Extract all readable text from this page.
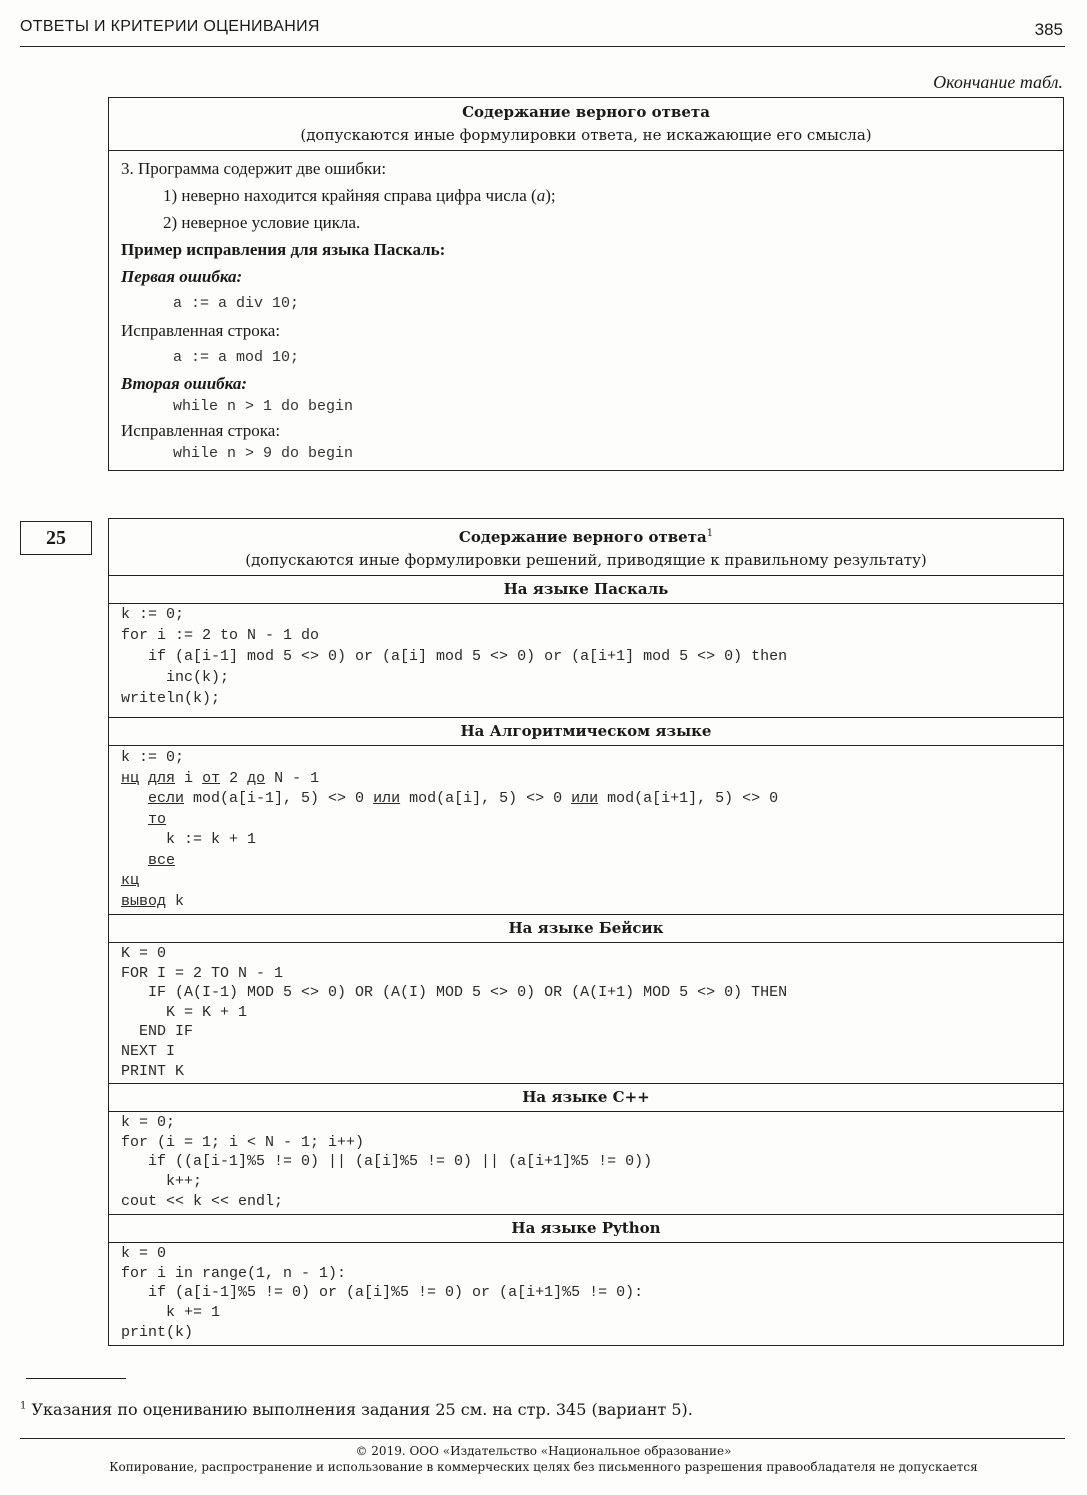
ОТВЕТЫ И КРИТЕРИИ ОЦЕНИВАНИЯ	385
Окончание табл.
Содержание верного ответа
(допускаются иные формулировки ответа, не искажающие его смысла)
3. Программа содержит две ошибки:
1) неверно находится крайняя справа цифра числа (a);
2) неверное условие цикла.
Пример исправления для языка Паскаль:
Первая ошибка:
a := a div 10;
Исправленная строка:
a := a mod 10;
Вторая ошибка:
while n > 1 do begin
Исправленная строка:
while n > 9 do begin
25	Содержание верного ответа$^1$
(допускаются иные формулировки решений, приводящие к правильному результату)
На языке Паскаль
k := 0;
for i := 2 to N - 1 do
if (a[i-1] mod 5 <> 0) or (a[i] mod 5 <> 0) or (a[i+1] mod 5 <> 0) then
inc(k);
writeln(k);
На Алгоритмическом языке
k := 0;
нц для i от 2 до N - 1
если mod(a[i-1], 5) <> 0 или mod(a[i], 5) <> 0 или mod(a[i+1], 5) <> 0
то
k := k + 1
все
кц
вывод k
На языке Бейсик
K = 0
FOR I = 2 TO N - 1
IF (A(I-1) MOD 5 <> 0) OR (A(I) MOD 5 <> 0) OR (A(I+1) MOD 5 <> 0) THEN
K = K + 1
END IF
NEXT I
PRINT K
На языке С++
k = 0;
for (i = 1; i < N - 1; i++)
if ((a[i-1]%5 != 0) || (a[i]%5 != 0) || (a[i+1]%5 != 0))
k++;
cout << k << endl;
На языке Python
k = 0
for i in range(1, n - 1):
if (a[i-1]%5 != 0) or (a[i]%5 != 0) or (a[i+1]%5 != 0):
k += 1
print(k)
$^1$ Указания по оцениванию выполнения задания 25 см. на стр. 345 (вариант 5).
© 2019. ООО «Издательство «Национальное образование»
Копирование, распространение и использование в коммерческих целях без письменного разрешения правообладателя не допускается
